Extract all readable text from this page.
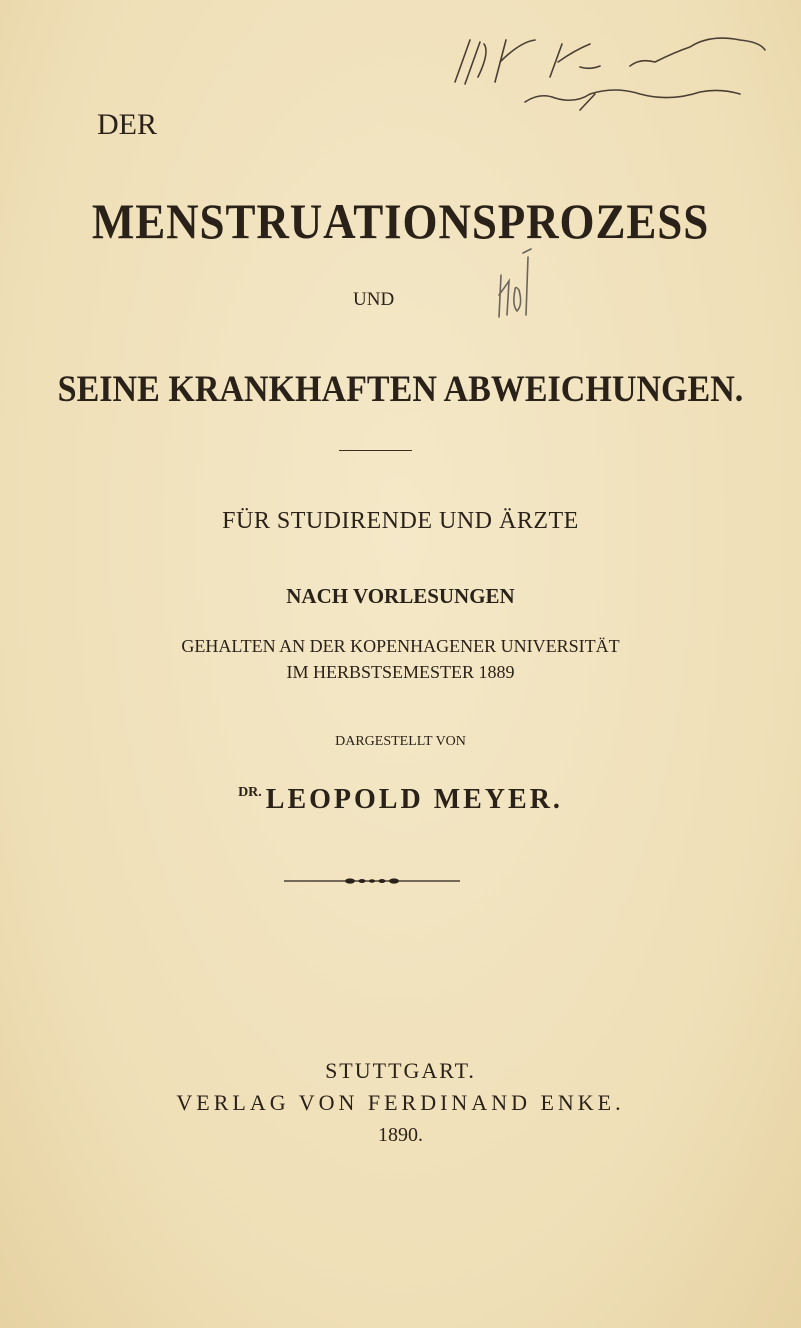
DER
MENSTRUATIONSPROZESS
UND
SEINE KRANKHAFTEN ABWEICHUNGEN.
FÜR STUDIRENDE UND ÄRZTE
NACH VORLESUNGEN
GEHALTEN AN DER KOPENHAGENER UNIVERSITÄT
IM HERBSTSEMESTER 1889
DARGESTELLT VON
$^{DR.}$ LEOPOLD MEYER.
STUTTGART.
VERLAG VON FERDINAND ENKE.
1890.
